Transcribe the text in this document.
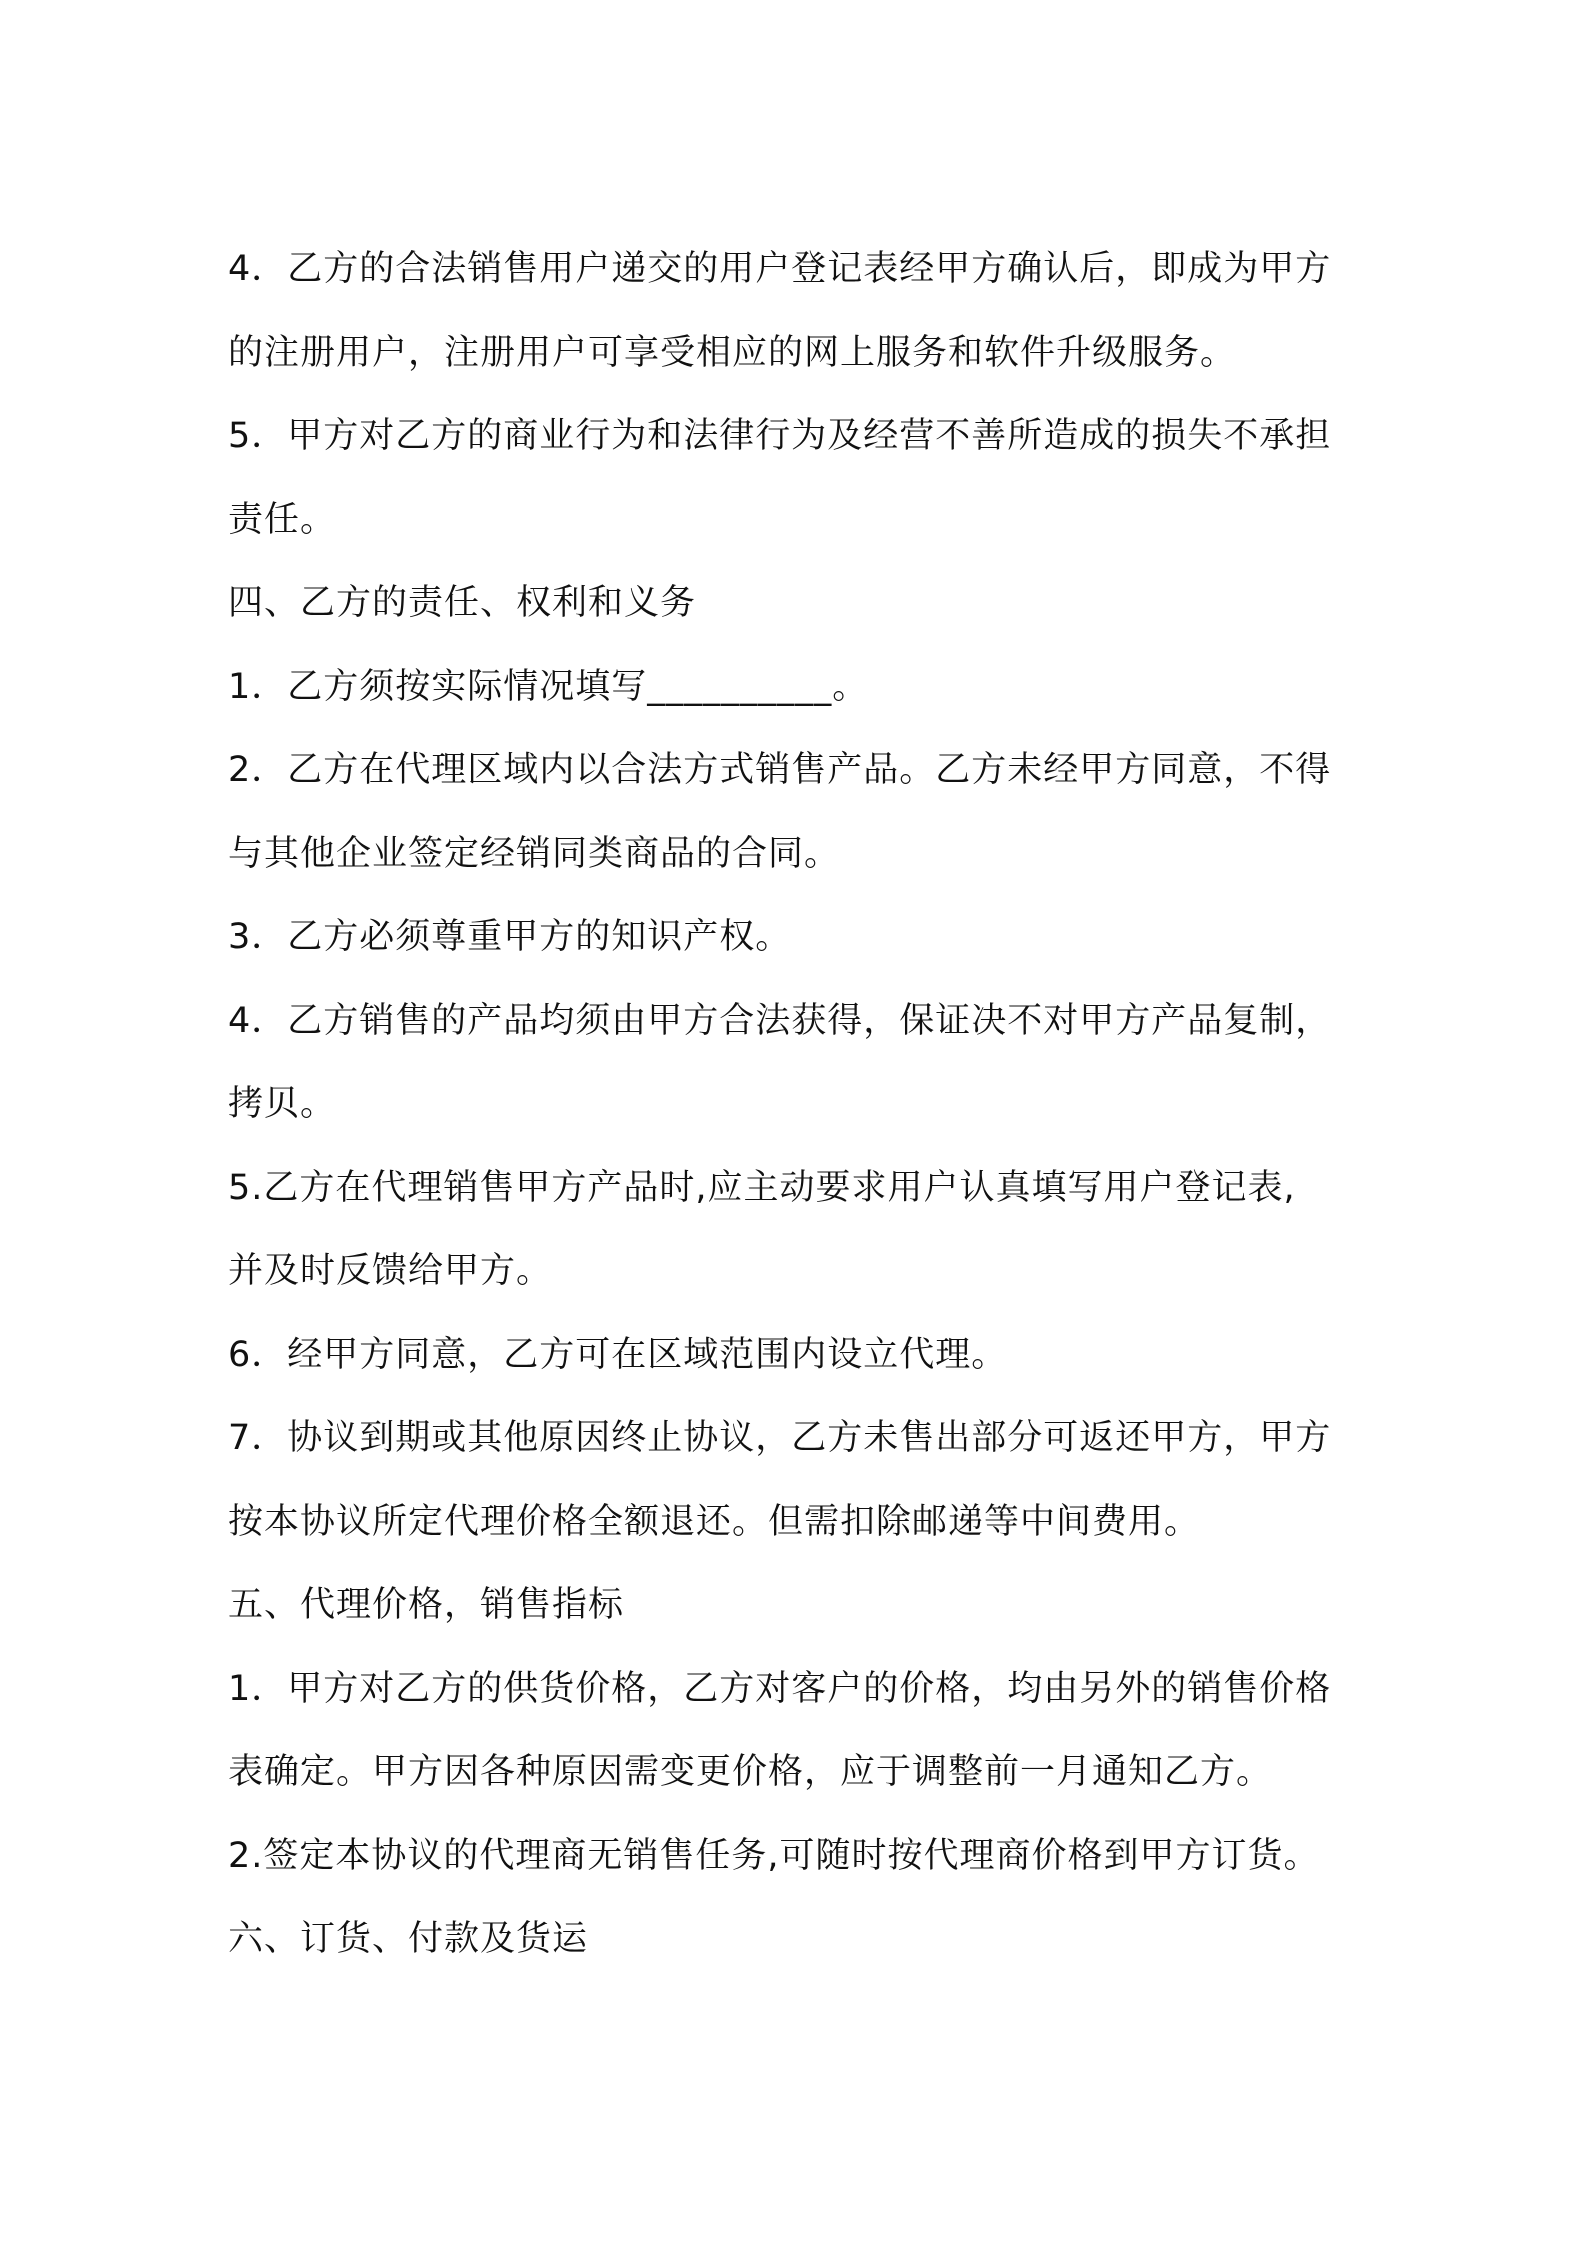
4．乙方的合法销售用户递交的用户登记表经甲方确认后，即成为甲方
的注册用户，注册用户可享受相应的网上服务和软件升级服务。
5．甲方对乙方的商业行为和法律行为及经营不善所造成的损失不承担
责任。
四、乙方的责任、权利和义务
1．乙方须按实际情况填写__________。
2．乙方在代理区域内以合法方式销售产品。乙方未经甲方同意，不得
与其他企业签定经销同类商品的合同。
3．乙方必须尊重甲方的知识产权。
4．乙方销售的产品均须由甲方合法获得，保证决不对甲方产品复制，
拷贝。
5.乙方在代理销售甲方产品时,应主动要求用户认真填写用户登记表,
并及时反馈给甲方。
6．经甲方同意，乙方可在区域范围内设立代理。
7．协议到期或其他原因终止协议，乙方未售出部分可返还甲方，甲方
按本协议所定代理价格全额退还。但需扣除邮递等中间费用。
五、代理价格，销售指标
1．甲方对乙方的供货价格，乙方对客户的价格，均由另外的销售价格
表确定。甲方因各种原因需变更价格，应于调整前一月通知乙方。
2.签定本协议的代理商无销售任务,可随时按代理商价格到甲方订货。
六、订货、付款及货运
